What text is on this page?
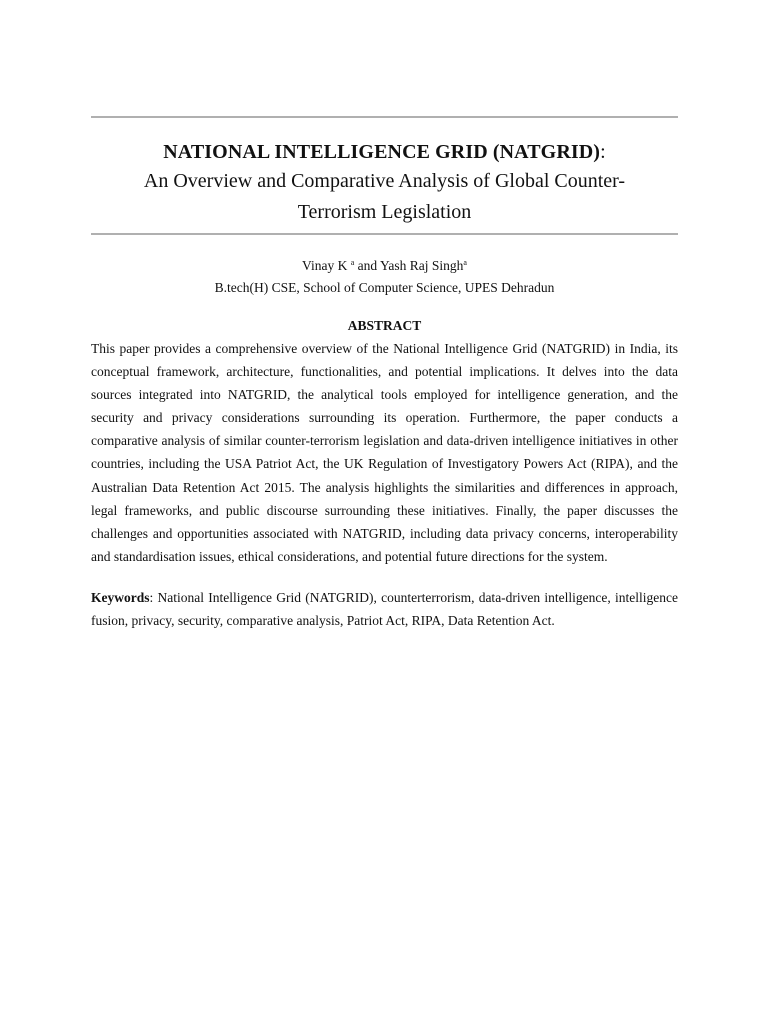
NATIONAL INTELLIGENCE GRID (NATGRID):
An Overview and Comparative Analysis of Global Counter-
Terrorism Legislation
Vinay K $^a$ and Yash Raj Singh$^a$
B.tech(H) CSE, School of Computer Science, UPES Dehradun
ABSTRACT

This paper provides a comprehensive overview of the National Intelligence Grid (NATGRID) in India, its conceptual framework, architecture, functionalities, and potential implications. It delves into the data sources integrated into NATGRID, the analytical tools employed for intelligence generation, and the security and privacy considerations surrounding its operation. Furthermore, the paper conducts a comparative analysis of similar counter-terrorism legislation and data-driven intelligence initiatives in other countries, including the USA Patriot Act, the UK Regulation of Investigatory Powers Act (RIPA), and the Australian Data Retention Act 2015. The analysis highlights the similarities and differences in approach, legal frameworks, and public discourse surrounding these initiatives. Finally, the paper discusses the challenges and opportunities associated with NATGRID, including data privacy concerns, interoperability and standardisation issues, ethical considerations, and potential future directions for the system.

Keywords: National Intelligence Grid (NATGRID), counterterrorism, data-driven intelligence, intelligence fusion, privacy, security, comparative analysis, Patriot Act, RIPA, Data Retention Act.
